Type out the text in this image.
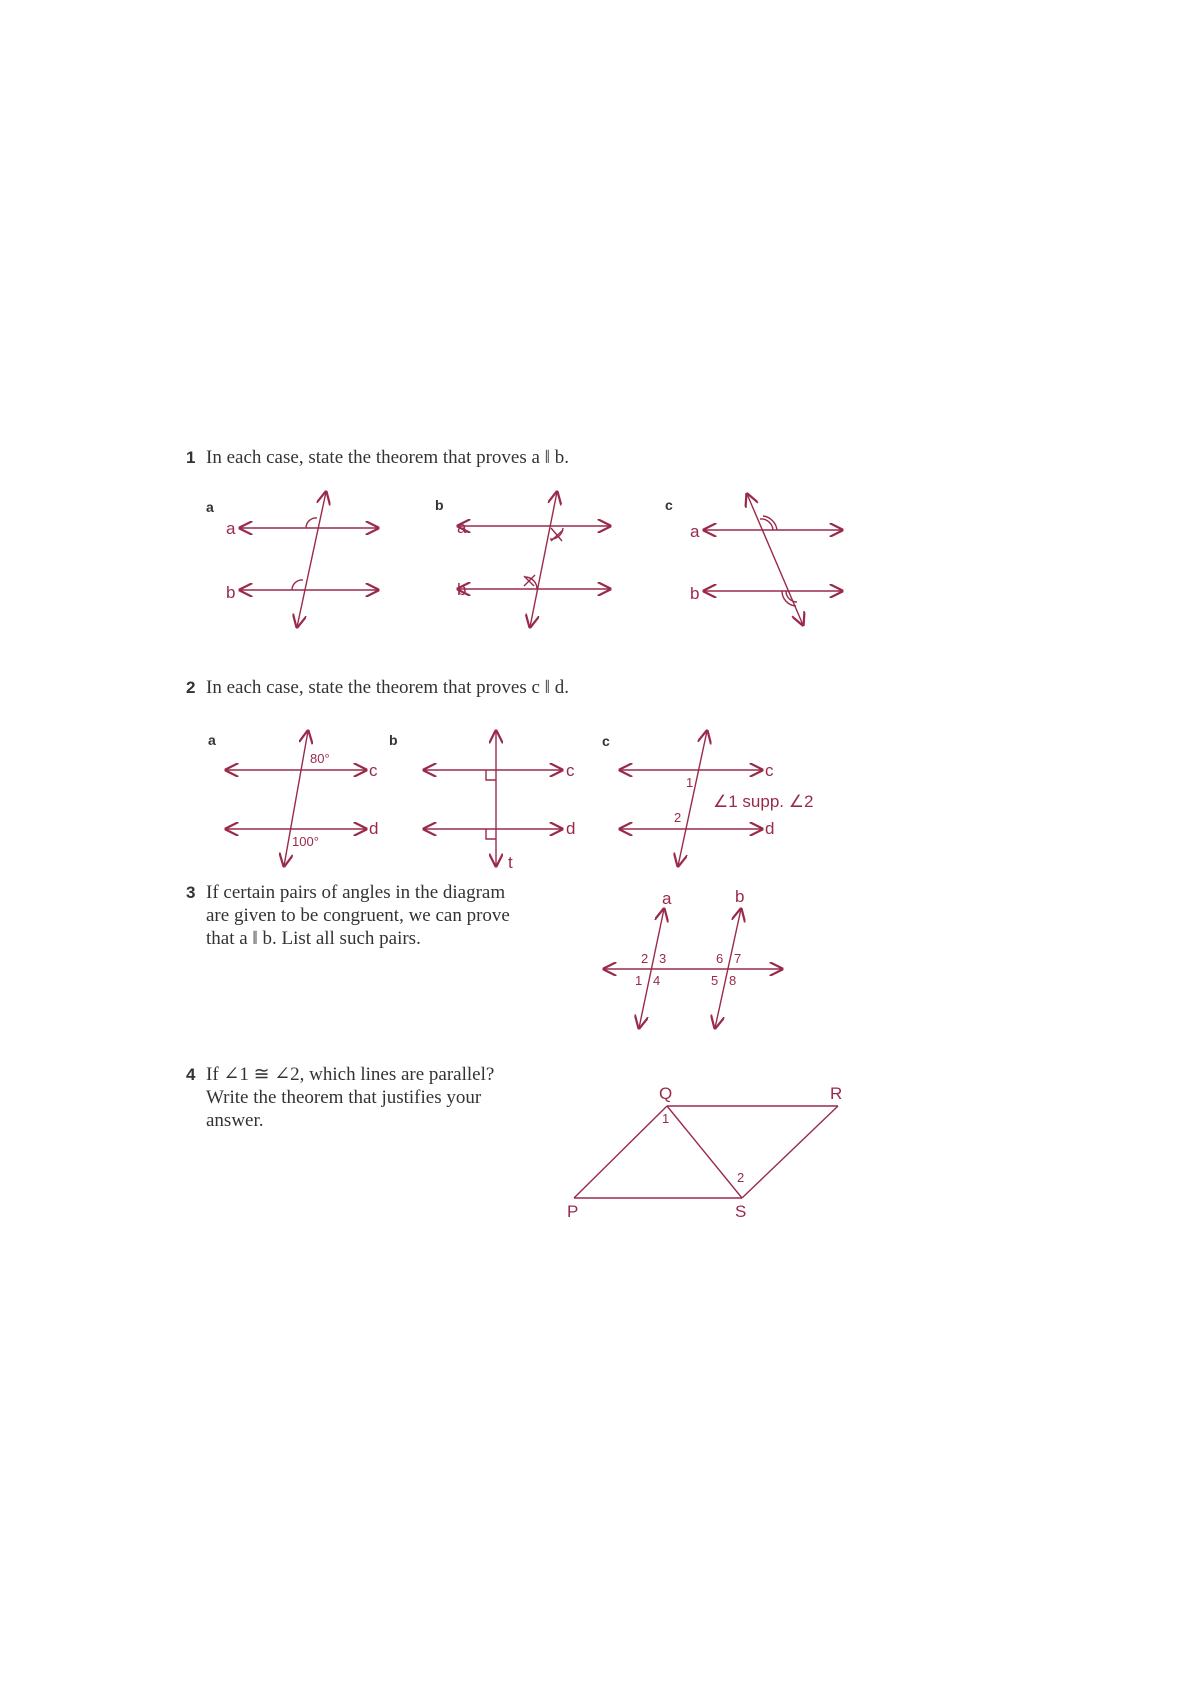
1 In each case, state the theorem that proves a ‖ b.
2 In each case, state the theorem that proves c ‖ d.
3 If certain pairs of angles in the diagram
are given to be congruent, we can prove
that a ‖ b. List all such pairs.
4 If ∠1 ≅ ∠2, which lines are parallel?
Write the theorem that justifies your
answer.
a
a
b
b
a
b
c
a
b
a
80°
c
d
100°
b
c
d
t
c
1
2
c
d
∠1 supp. ∠2
a	b
2 3
1 4
6 7
5 8
Q	R
P	S
1
2
